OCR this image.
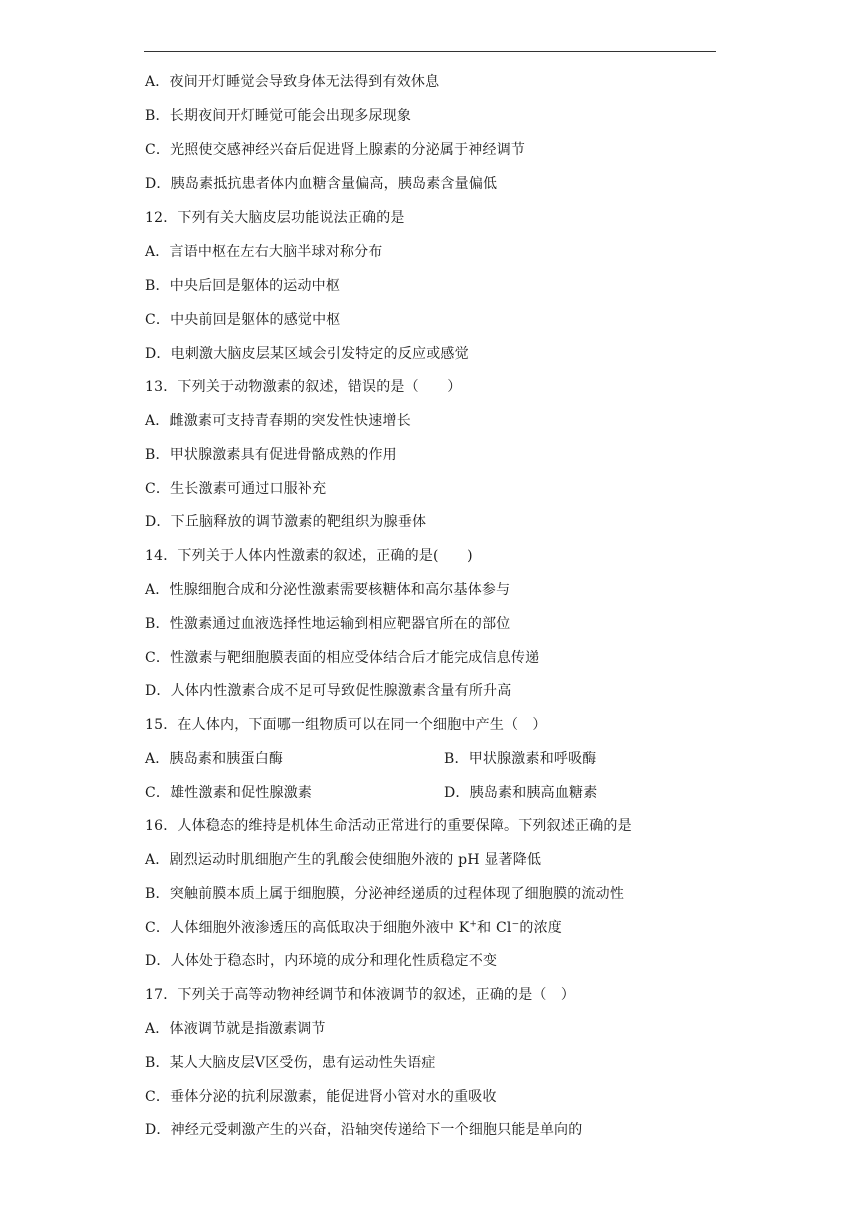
A．夜间开灯睡觉会导致身体无法得到有效休息
B．长期夜间开灯睡觉可能会出现多尿现象
C．光照使交感神经兴奋后促进肾上腺素的分泌属于神经调节
D．胰岛素抵抗患者体内血糖含量偏高，胰岛素含量偏低
12．下列有关大脑皮层功能说法正确的是
A．言语中枢在左右大脑半球对称分布
B．中央后回是躯体的运动中枢
C．中央前回是躯体的感觉中枢
D．电刺激大脑皮层某区域会引发特定的反应或感觉
13．下列关于动物激素的叙述，错误的是（　　）
A．雌激素可支持青春期的突发性快速增长
B．甲状腺激素具有促进骨骼成熟的作用
C．生长激素可通过口服补充
D．下丘脑释放的调节激素的靶组织为腺垂体
14．下列关于人体内性激素的叙述，正确的是(　　)
A．性腺细胞合成和分泌性激素需要核糖体和高尔基体参与
B．性激素通过血液选择性地运输到相应靶器官所在的部位
C．性激素与靶细胞膜表面的相应受体结合后才能完成信息传递
D．人体内性激素合成不足可导致促性腺激素含量有所升高
15．在人体内，下面哪一组物质可以在同一个细胞中产生（　）
A．胰岛素和胰蛋白酶	B．甲状腺激素和呼吸酶
C．雄性激素和促性腺激素	D．胰岛素和胰高血糖素
16．人体稳态的维持是机体生命活动正常进行的重要保障。下列叙述正确的是
A．剧烈运动时肌细胞产生的乳酸会使细胞外液的 pH 显著降低
B．突触前膜本质上属于细胞膜，分泌神经递质的过程体现了细胞膜的流动性
C．人体细胞外液渗透压的高低取决于细胞外液中 K+和 Cl−的浓度
D．人体处于稳态时，内环境的成分和理化性质稳定不变
17．下列关于高等动物神经调节和体液调节的叙述，正确的是（　）
A．体液调节就是指激素调节
B．某人大脑皮层V区受伤，患有运动性失语症
C．垂体分泌的抗利尿激素，能促进肾小管对水的重吸收
D．神经元受刺激产生的兴奋，沿轴突传递给下一个细胞只能是单向的
